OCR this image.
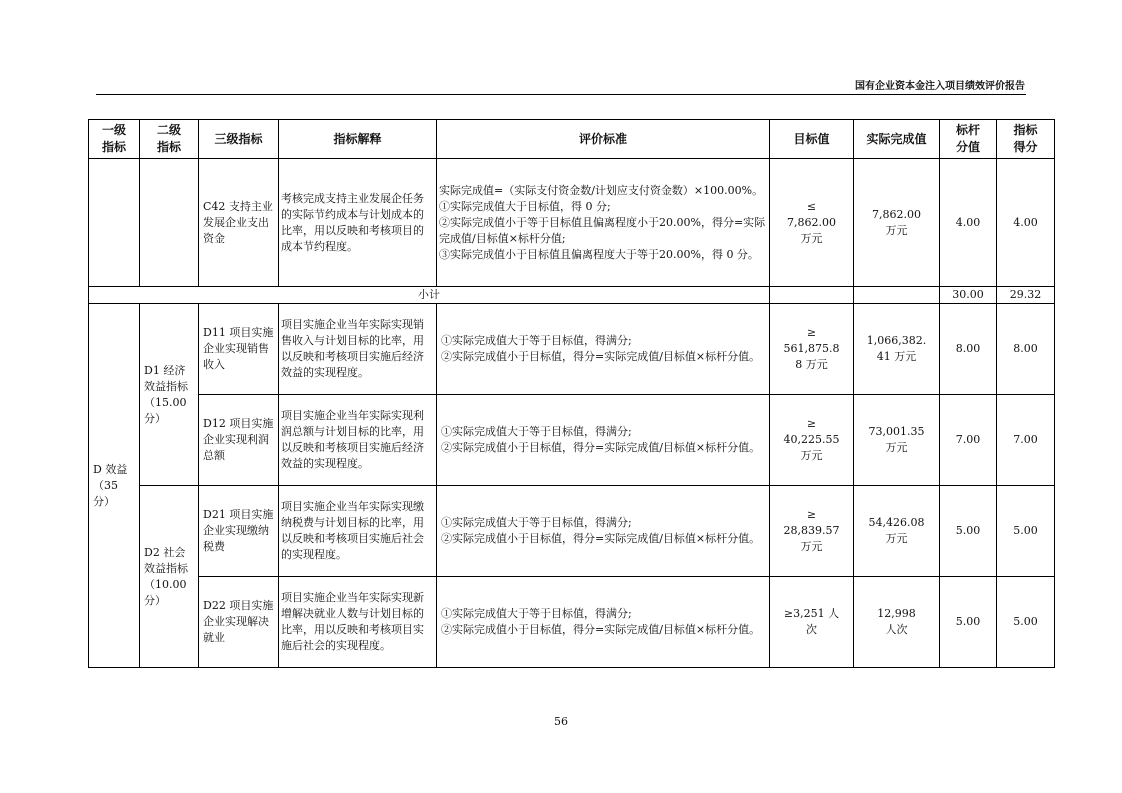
国有企业资本金注入项目绩效评价报告
一级
指标	二级
指标	三级指标	指标解释	评价标准	目标值	实际完成值	标杆
分值	指标
得分
		C42 支持主业发展企业支出资金	考核完成支持主业发展企任务的实际节约成本与计划成本的比率，用以反映和考核项目的成本节约程度。	实际完成值=（实际支付资金数/计划应支付资金数）×100.00%。
①实际完成值大于目标值，得 0 分;
②实际完成值小于等于目标值且偏离程度小于20.00%，得分=实际完成值/目标值×标杆分值;
③实际完成值小于目标值且偏离程度大于等于20.00%，得 0 分。	≤
7,862.00
万元	7,862.00
万元	4.00	4.00
小计							30.00	29.32
D 效益（35 分）	D1 经济效益指标（15.00 分）	D11 项目实施企业实现销售收入	项目实施企业当年实际实现销售收入与计划目标的比率，用以反映和考核项目实施后经济效益的实现程度。	①实际完成值大于等于目标值，得满分;
②实际完成值小于目标值，得分=实际完成值/目标值×标杆分值。	≥
561,875.8
8 万元	1,066,382.
41 万元	8.00	8.00
		D12 项目实施企业实现利润总额	项目实施企业当年实际实现利润总额与计划目标的比率，用以反映和考核项目实施后经济效益的实现程度。	①实际完成值大于等于目标值，得满分;
②实际完成值小于目标值，得分=实际完成值/目标值×标杆分值。	≥
40,225.55
万元	73,001.35
万元	7.00	7.00
	D2 社会效益指标（10.00 分）	D21 项目实施企业实现缴纳税费	项目实施企业当年实际实现缴纳税费与计划目标的比率，用以反映和考核项目实施后社会的实现程度。	①实际完成值大于等于目标值，得满分;
②实际完成值小于目标值，得分=实际完成值/目标值×标杆分值。	≥
28,839.57
万元	54,426.08
万元	5.00	5.00
		D22 项目实施企业实现解决就业	项目实施企业当年实际实现新增解决就业人数与计划目标的比率，用以反映和考核项目实施后社会的实现程度。	①实际完成值大于等于目标值，得满分;
②实际完成值小于目标值，得分=实际完成值/目标值×标杆分值。	≥3,251 人
次	12,998
人次	5.00	5.00
56
